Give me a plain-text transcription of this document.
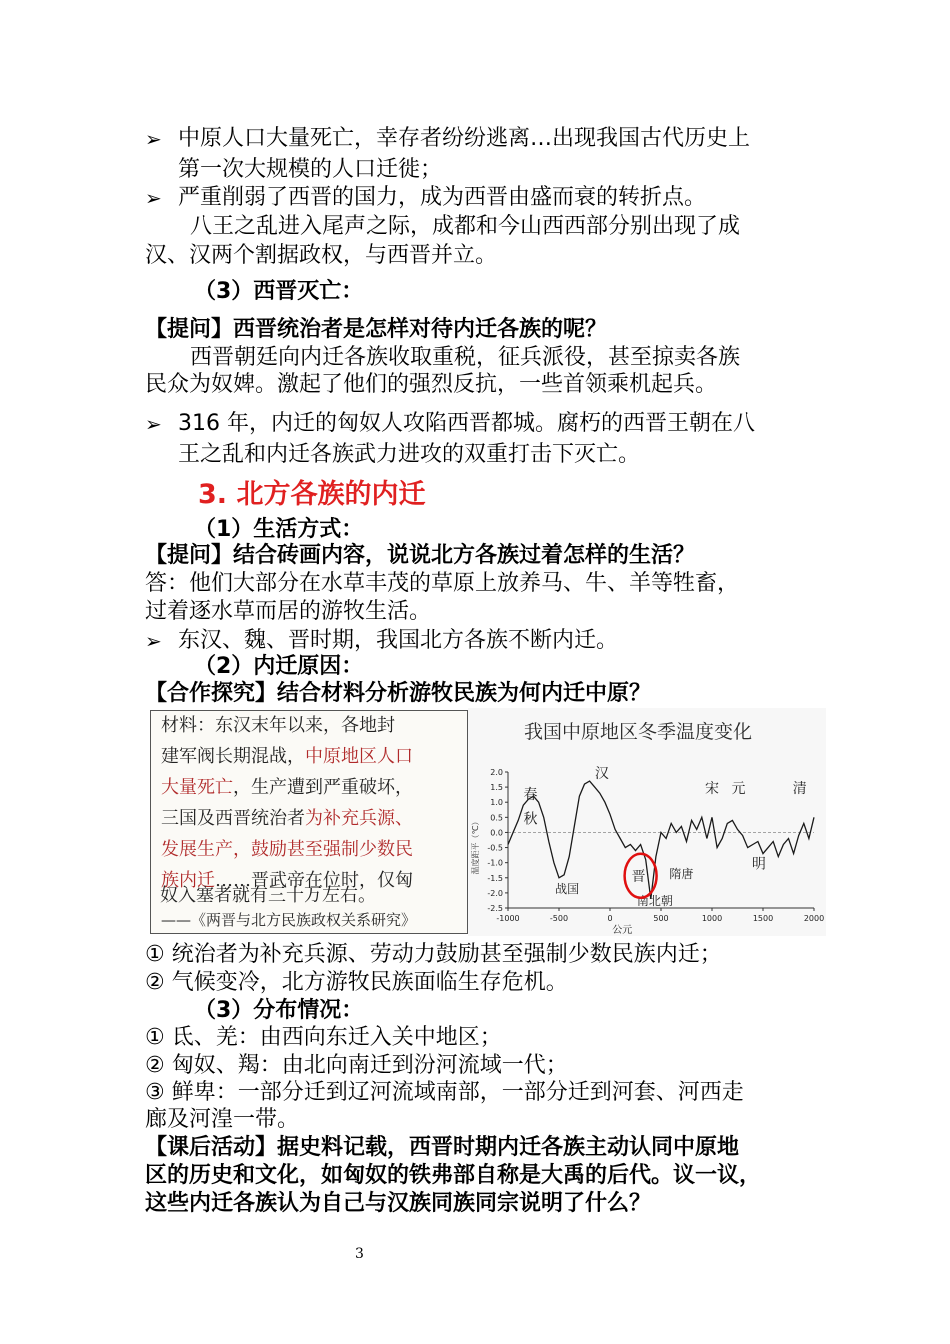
➢ 中原人口大量死亡，幸存者纷纷逃离…出现我国古代历史上
第一次大规模的人口迁徙；
➢ 严重削弱了西晋的国力，成为西晋由盛而衰的转折点。
八王之乱进入尾声之际，成都和今山西西部分别出现了成
汉、汉两个割据政权，与西晋并立。
（3）西晋灭亡：
【提问】西晋统治者是怎样对待内迁各族的呢？
西晋朝廷向内迁各族收取重税，征兵派役，甚至掠卖各族
民众为奴婢。激起了他们的强烈反抗，一些首领乘机起兵。
➢ 316 年，内迁的匈奴人攻陷西晋都城。腐朽的西晋王朝在八
王之乱和内迁各族武力进攻的双重打击下灭亡。
3. 北方各族的内迁
（1）生活方式：
【提问】结合砖画内容，说说北方各族过着怎样的生活？
答：他们大部分在水草丰茂的草原上放养马、牛、羊等牲畜，
过着逐水草而居的游牧生活。
➢ 东汉、魏、晋时期，我国北方各族不断内迁。
（2）内迁原因：
【合作探究】结合材料分析游牧民族为何内迁中原？
材料：东汉末年以来，各地封
建军阀长期混战，中原地区人口
大量死亡，生产遭到严重破坏，
三国及西晋统治者为补充兵源、
发展生产，鼓励甚至强制少数民
族内迁……晋武帝在位时，仅匈
——《两晋与北方民族政权关系研究》
奴入塞者就有三十万左右。
我国中原地区冬季温度变化
温度距平（℃）
2.0
1.5
1.0
0.5
0.0
-0.5
-1.0
-1.5
-2.0
-2.5
-1000	-500	0	500	1000	1500	2000
公元
春
秋
战国
汉
晋
南北朝
隋唐
宋 元
明
清
① 统治者为补充兵源、劳动力鼓励甚至强制少数民族内迁；
② 气候变冷，北方游牧民族面临生存危机。
（3）分布情况：
① 氐、羌：由西向东迁入关中地区；
② 匈奴、羯：由北向南迁到汾河流域一代；
③ 鲜卑：一部分迁到辽河流域南部，一部分迁到河套、河西走
廊及河湟一带。
【课后活动】据史料记载，西晋时期内迁各族主动认同中原地
区的历史和文化，如匈奴的铁弗部自称是大禹的后代。议一议，
这些内迁各族认为自己与汉族同族同宗说明了什么？
3
